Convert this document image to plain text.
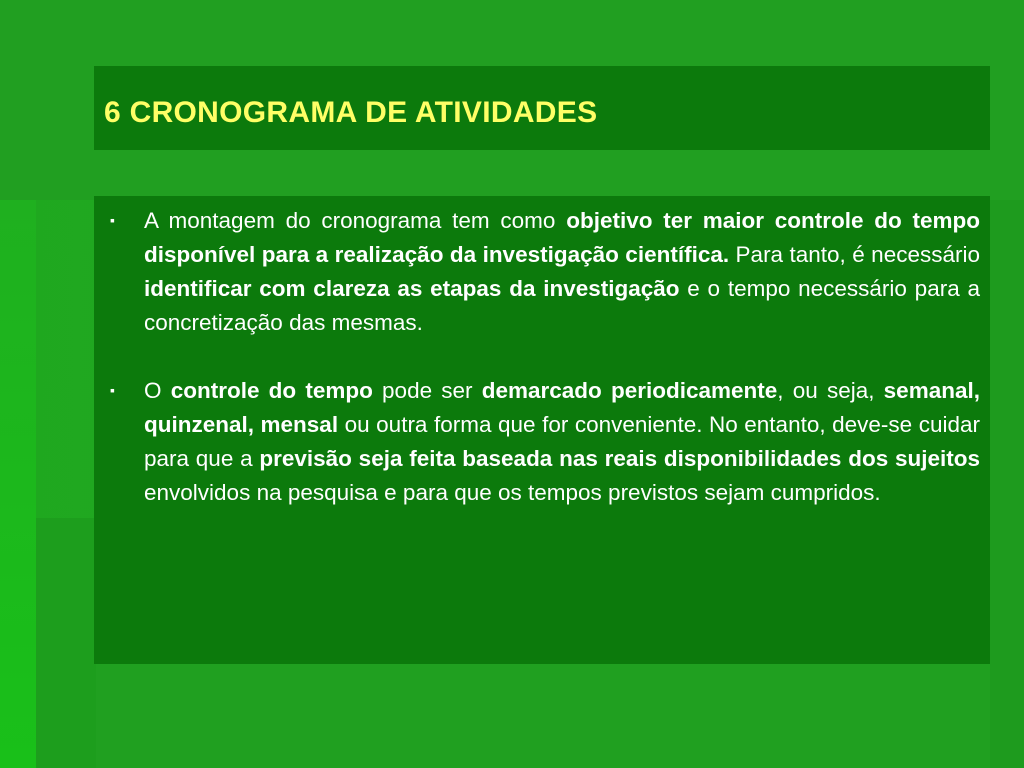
6 CRONOGRAMA DE ATIVIDADES
▪ A montagem do cronograma tem como objetivo ter maior controle do tempo disponível para a realização da investigação científica. Para tanto, é necessário identificar com clareza as etapas da investigação e o tempo necessário para a concretização das mesmas.
▪ O controle do tempo pode ser demarcado periodicamente, ou seja, semanal, quinzenal, mensal ou outra forma que for conveniente. No entanto, deve-se cuidar para que a previsão seja feita baseada nas reais disponibilidades dos sujeitos envolvidos na pesquisa e para que os tempos previstos sejam cumpridos.
